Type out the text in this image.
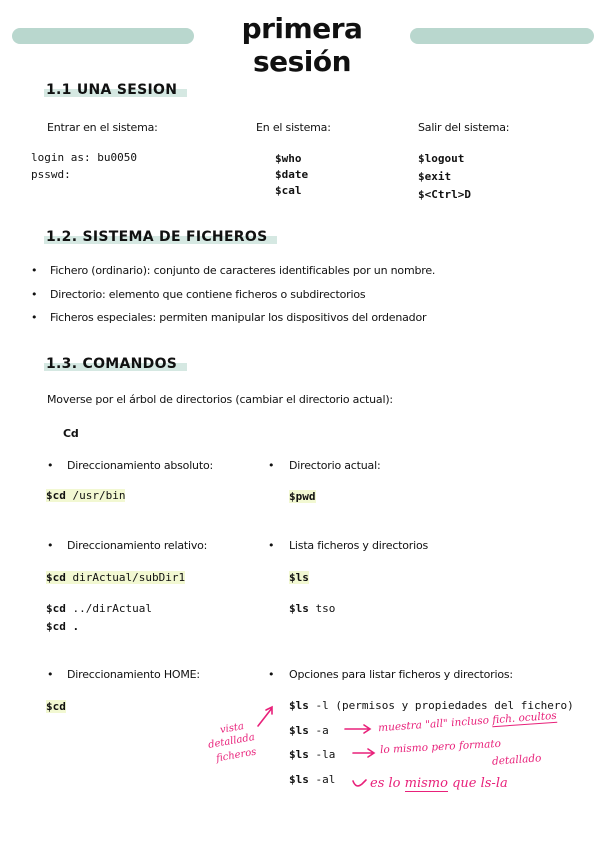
primera sesión
1.1 UNA SESION
Entrar en el sistema:
login as: bu0050
psswd:
En el sistema:
$who
$date
$cal
Salir del sistema:
$logout
$exit
$<Ctrl>D
1.2. SISTEMA DE FICHEROS
• Fichero (ordinario): conjunto de caracteres identificables por un nombre.
• Directorio: elemento que contiene ficheros o subdirectorios
• Ficheros especiales: permiten manipular los dispositivos del ordenador
1.3. COMANDOS
Moverse por el árbol de directorios (cambiar el directorio actual):
Cd
• Direccionamiento absoluto:
$cd /usr/bin
• Direccionamiento relativo:
$cd dirActual/subDir1
$cd ../dirActual
$cd .
• Direccionamiento HOME:
$cd
• Directorio actual:
$pwd
• Lista ficheros y directorios
$ls
$ls tso
• Opciones para listar ficheros y directorios:
$ls -l (permisos y propiedades del fichero)
$ls -a
$ls -la
$ls -al
vista
detallada
ficheros
muestra "all" incluso fich. ocultos
lo mismo pero formato
detallado
es lo mismo que ls-la
